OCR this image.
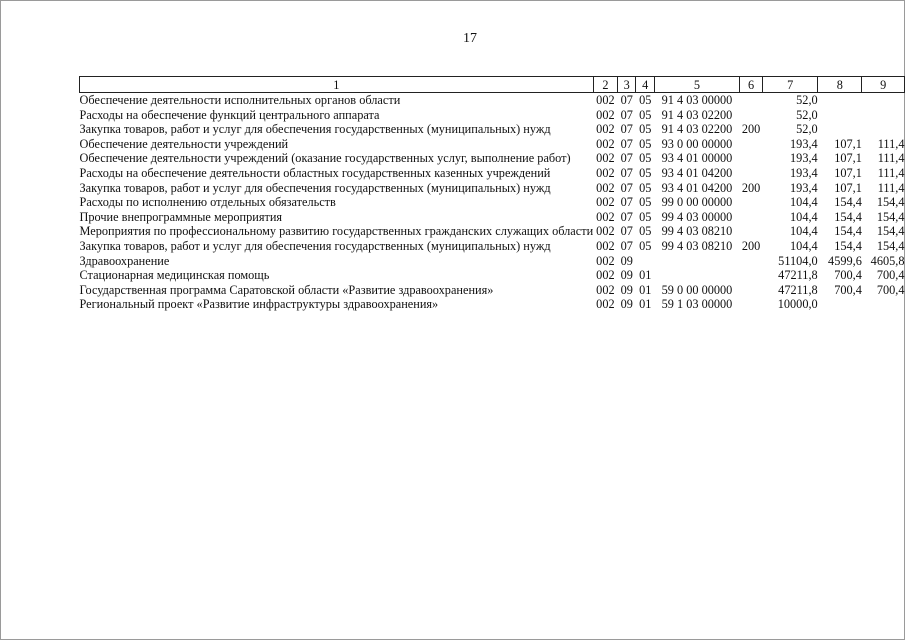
17
1	2	3	4	5	6	7	8	9
Обеспечение деятельности исполнительных органов области	002	07	05	91 4 03 00000		52,0		
Расходы на обеспечение функций центрального аппарата	002	07	05	91 4 03 02200		52,0		
Закупка товаров, работ и услуг для обеспечения государственных (муниципальных) нужд	002	07	05	91 4 03 02200	200	52,0		
Обеспечение деятельности учреждений	002	07	05	93 0 00 00000		193,4	107,1	111,4
Обеспечение деятельности учреждений (оказание государственных услуг, выполнение работ)	002	07	05	93 4 01 00000		193,4	107,1	111,4
Расходы на обеспечение деятельности областных государственных казенных учреждений	002	07	05	93 4 01 04200		193,4	107,1	111,4
Закупка товаров, работ и услуг для обеспечения государственных (муниципальных) нужд	002	07	05	93 4 01 04200	200	193,4	107,1	111,4
Расходы по исполнению отдельных обязательств	002	07	05	99 0 00 00000		104,4	154,4	154,4
Прочие внепрограммные мероприятия	002	07	05	99 4 03 00000		104,4	154,4	154,4
Мероприятия по профессиональному развитию государственных гражданских служащих области	002	07	05	99 4 03 08210		104,4	154,4	154,4
Закупка товаров, работ и услуг для обеспечения государственных (муниципальных) нужд	002	07	05	99 4 03 08210	200	104,4	154,4	154,4
Здравоохранение	002	09				51104,0	4599,6	4605,8
Стационарная медицинская помощь	002	09	01			47211,8	700,4	700,4
Государственная программа Саратовской области «Развитие здравоохранения»	002	09	01	59 0 00 00000		47211,8	700,4	700,4
Региональный проект «Развитие инфраструктуры здравоохранения»	002	09	01	59 1 03 00000		10000,0		
